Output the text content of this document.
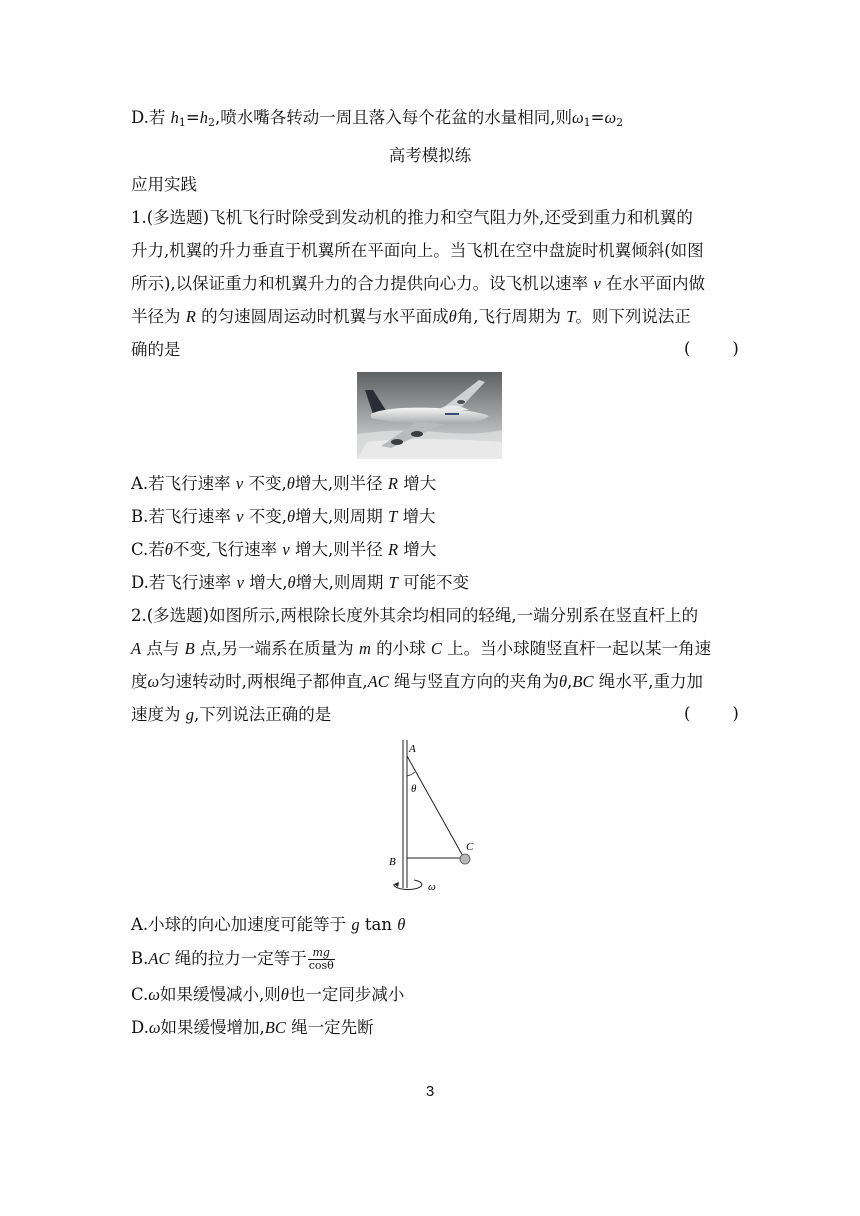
D.若 $h_1=h_2$,喷水嘴各转动一周且落入每个花盆的水量相同,则$\omega_1=\omega_2$
高考模拟练
应用实践
1.(多选题)飞机飞行时除受到发动机的推力和空气阻力外,还受到重力和机翼的
升力,机翼的升力垂直于机翼所在平面向上。当飞机在空中盘旋时机翼倾斜(如图
所示),以保证重力和机翼升力的合力提供向心力。设飞机以速率 v 在水平面内做
半径为 R 的匀速圆周运动时机翼与水平面成θ角,飞行周期为 T。则下列说法正
确的是	(        )
A.若飞行速率 v 不变,θ增大,则半径 R 增大
B.若飞行速率 v 不变,θ增大,则周期 T 增大
C.若θ不变,飞行速率 v 增大,则半径 R 增大
D.若飞行速率 v 增大,θ增大,则周期 T 可能不变
2.(多选题)如图所示,两根除长度外其余均相同的轻绳,一端分别系在竖直杆上的
A 点与 B 点,另一端系在质量为 m 的小球 C 上。当小球随竖直杆一起以某一角速
度ω匀速转动时,两根绳子都伸直,AC 绳与竖直方向的夹角为θ,BC 绳水平,重力加
速度为 g,下列说法正确的是	(        )
A
θ
B
C
ω
A.小球的向心加速度可能等于 g tan θ
B.AC 绳的拉力一定等于 $\frac{mg}{\cos\theta}$
C.ω如果缓慢减小,则θ也一定同步减小
D.ω如果缓慢增加,BC 绳一定先断
3
